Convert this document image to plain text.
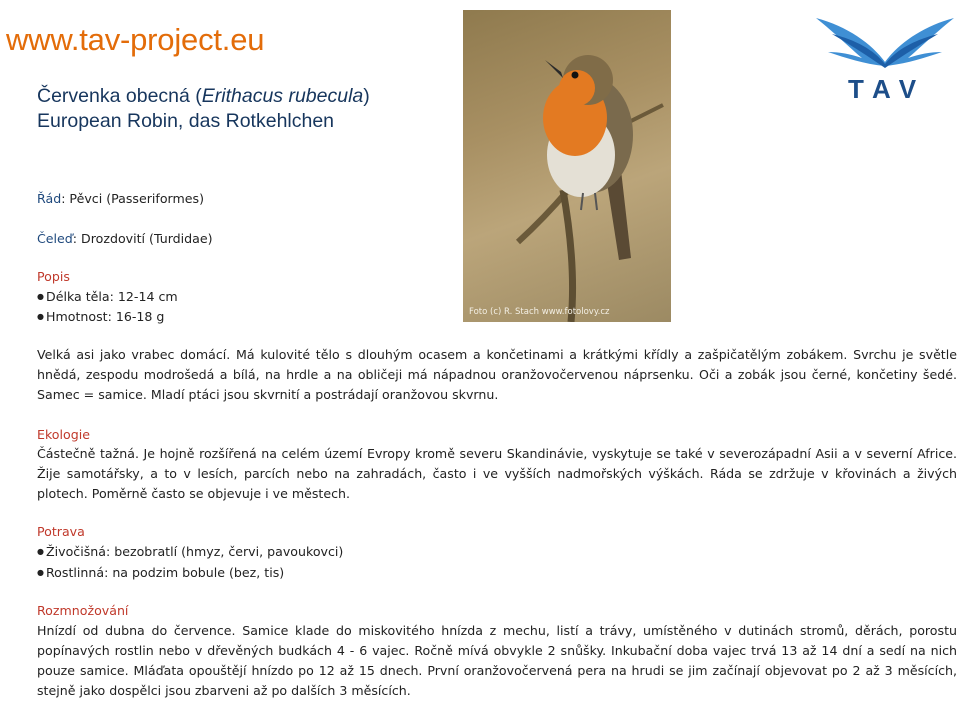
www.tav-project.eu
Červenka obecná (Erithacus rubecula)
European Robin, das Rotkehlchen
Řád: Pěvci (Passeriformes)
Čeleď: Drozdovití (Turdidae)
Popis
● Délka těla: 12-14 cm
● Hmotnost: 16-18 g
Velká asi jako vrabec domácí. Má kulovité tělo s dlouhým ocasem a končetinami a krátkými křídly a zašpičatělým zobákem. Svrchu je světle hnědá, zespodu modrošedá a bílá, na hrdle a na obličeji má nápadnou oranžovočervenou náprsenku. Oči a zobák jsou černé, končetiny šedé. Samec = samice. Mladí ptáci jsou skvrnití a postrádají oranžovou skvrnu.
Ekologie
Částečně tažná. Je hojně rozšířená na celém území Evropy kromě severu Skandinávie, vyskytuje se také v severozápadní Asii a v severní Africe. Žije samotářsky, a to v lesích, parcích nebo na zahradách, často i ve vyšších nadmořských výškách. Ráda se zdržuje v křovinách a živých plotech. Poměrně často se objevuje i ve městech.
Potrava
● Živočišná: bezobratlí (hmyz, červi, pavoukovci)
● Rostlinná: na podzim bobule (bez, tis)
Rozmnožování
Hnízdí od dubna do července. Samice klade do miskovitého hnízda z mechu, listí a trávy, umístěného v dutinách stromů, děrách, porostu popínavých rostlin nebo v dřevěných budkách 4 - 6 vajec. Ročně mívá obvykle 2 snůšky. Inkubační doba vajec trvá 13 až 14 dní a sedí na nich pouze samice. Mláďata opouštějí hnízdo po 12 až 15 dnech. První oranžovočervená pera na hrudi se jim začínají objevovat po 2 až 3 měsících, stejně jako dospělci jsou zbarveni až po dalších 3 měsících.
Foto (c) R. Stach www.fotolovy.cz
TAV
